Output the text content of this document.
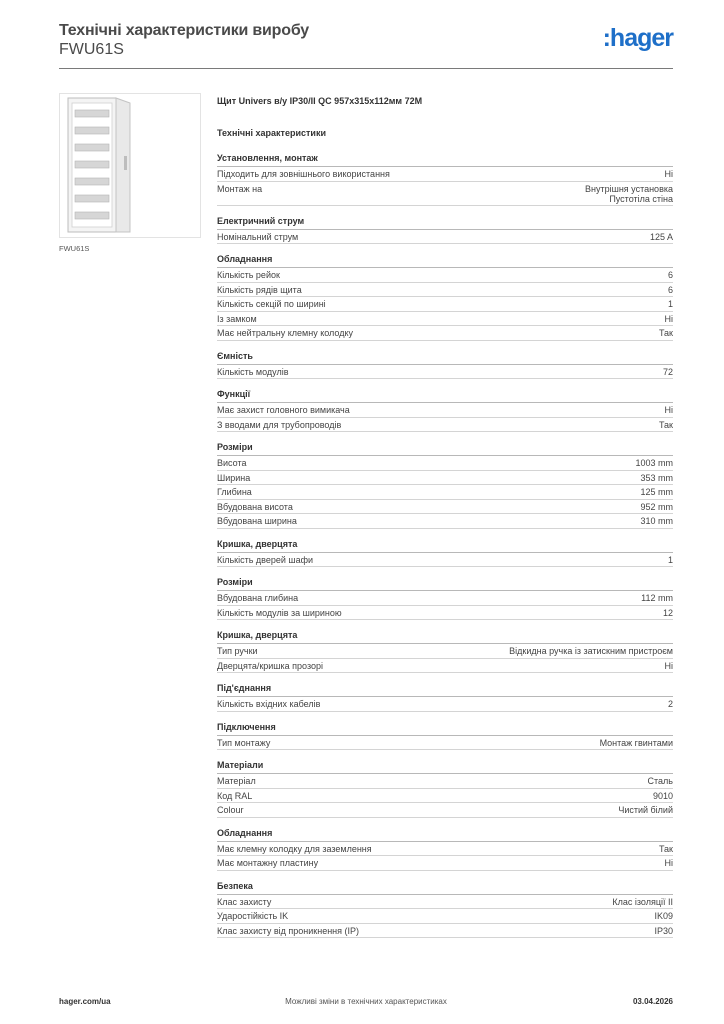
Технічні характеристики виробу
FWU61S	:hager
FWU61S
Щит Univers в/у IP30/II QC 957x315x112мм 72M
Технічні характеристики
Установлення, монтаж
Підходить для зовнішнього використання	Ні
Монтаж на	Внутрішня установка
Пустотіла стіна
Електричний струм
Номінальний струм	125 A
Обладнання
Кількість рейок	6
Кількість рядів щита	6
Кількість секцій по ширині	1
Із замком	Ні
Має нейтральну клемну колодку	Так
Ємність
Кількість модулів	72
Функції
Має захист головного вимикача	Ні
З вводами для трубопроводів	Так
Розміри
Висота	1003 mm
Ширина	353 mm
Глибина	125 mm
Вбудована висота	952 mm
Вбудована ширина	310 mm
Кришка, дверцята
Кількість дверей шафи	1
Розміри
Вбудована глибина	112 mm
Кількість модулів за шириною	12
Кришка, дверцята
Тип ручки	Відкидна ручка із затискним пристроєм
Дверцята/кришка прозорі	Ні
Під'єднання
Кількість вхідних кабелів	2
Підключення
Тип монтажу	Монтаж гвинтами
Матеріали
Матеріал	Сталь
Код RAL	9010
Colour	Чистий білий
Обладнання
Має клемну колодку для заземлення	Так
Має монтажну пластину	Ні
Безпека
Клас захисту	Клас ізоляції II
Ударостійкість IK	IK09
Клас захисту від проникнення (IP)	IP30
Можливі зміни в технічних характеристиках
hager.com/ua	03.04.2026
